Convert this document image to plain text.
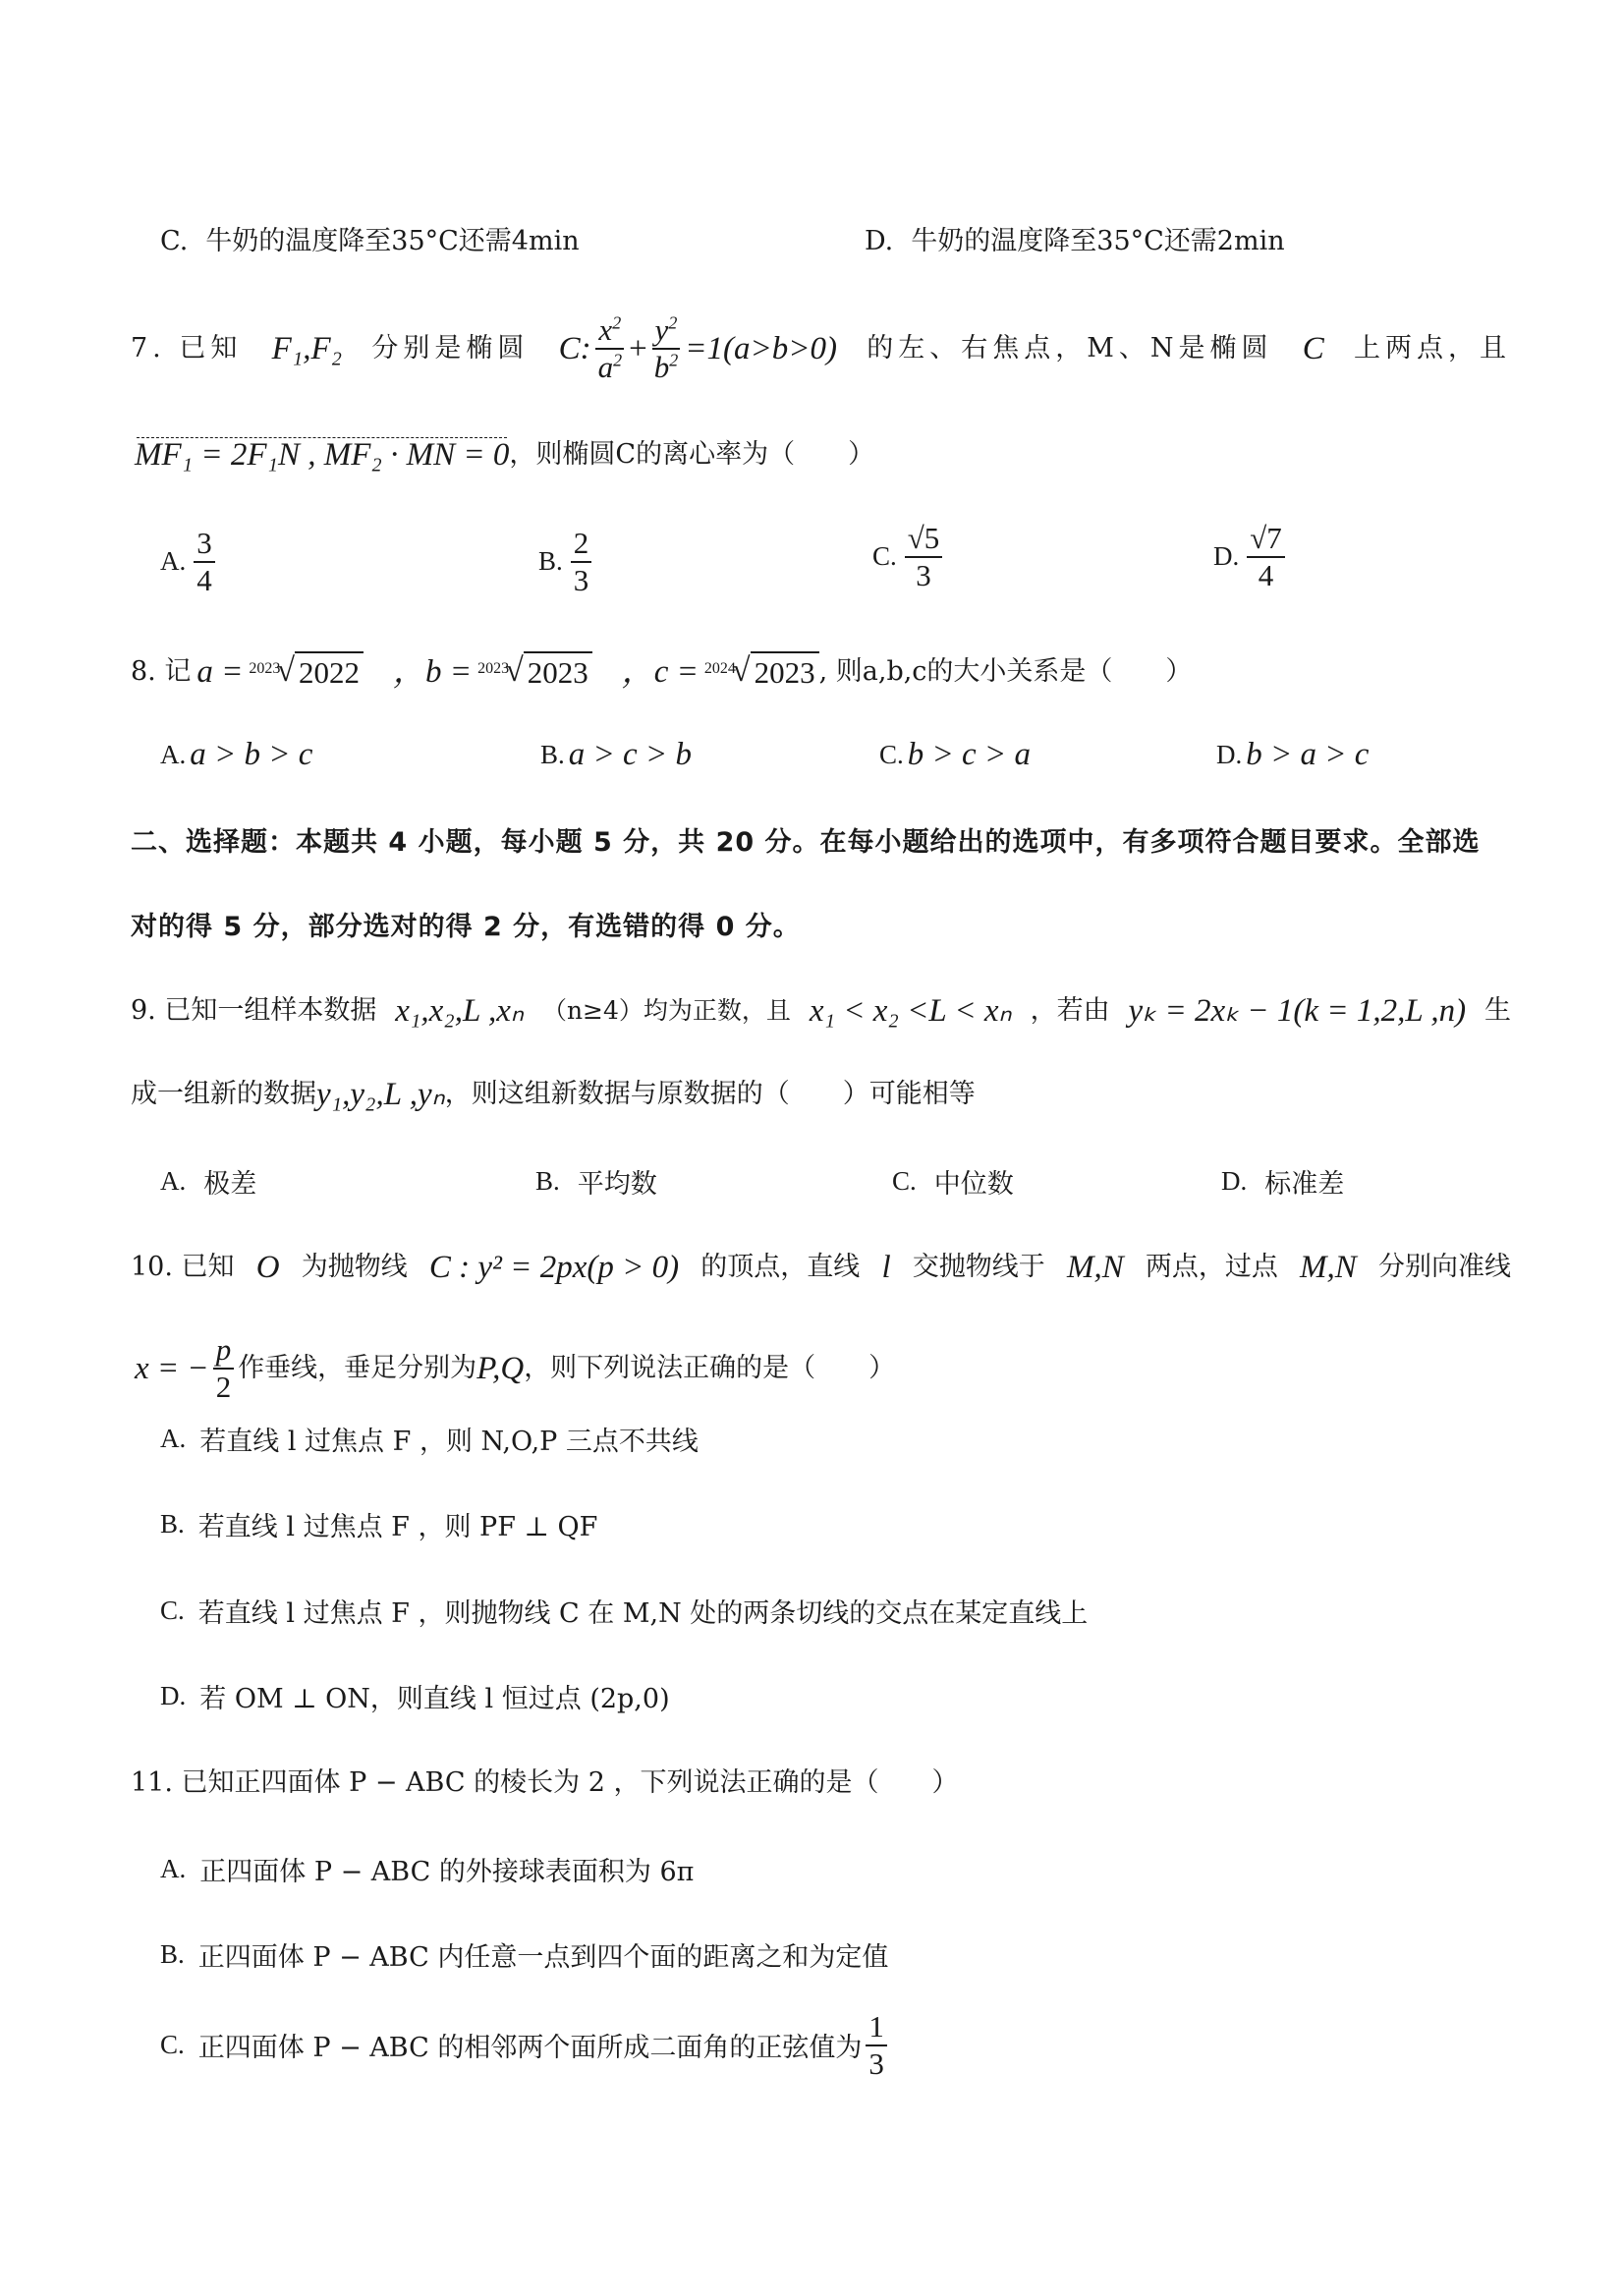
C. 牛奶的温度降至35°C还需4min	D. 牛奶的温度降至35°C还需2min
7. 已知 F₁,F₂ 分别是椭圆 C: $\frac{x^2}{a^2} + \frac{y^2}{b^2} =1(a>b>0)$ 的左、右焦点，M、N是椭圆 C 上两点，且
MF₁ = 2F₁N , MF₂ · MN = 0 ，则椭圆C的离心率为（　　）
A. $\frac{3}{4}$	B. $\frac{2}{3}$	C. $\frac{√5}{3}$	D. $\frac{√7}{4}$
8. 记 a = 2023
√ 2022 ，b = 2023
√ 2023 ，c = 2024
√ 2023 , 则a,b,c的大小关系是（　　）
A. a > b > c	B. a > c > b	C. b > c > a	D. b > a > c
二、选择题：本题共 4 小题，每小题 5 分，共 20 分。在每小题给出的选项中，有多项符合题目要求。全部选
对的得 5 分，部分选对的得 2 分，有选错的得 0 分。
9. 已知一组样本数据 x₁,x₂,L ,xₙ （n≥4）均为正数，且 x₁ < x₂ <L < xₙ ，若由 yₖ = 2xₖ − 1(k = 1,2,L ,n) 生
成一组新的数据 y₁,y₂,L ,yₙ ，则这组新数据与原数据的（　　）可能相等
A. 极差	B. 平均数	C. 中位数	D. 标准差
10. 已知 O 为抛物线 C : y² = 2px(p > 0) 的顶点，直线 l 交抛物线于 M,N 两点，过点 M,N 分别向准线
x = − $\frac{p}{2}$ 作垂线，垂足分别为 P,Q ，则下列说法正确的是（　　）
A. 若直线 l 过焦点 F ，则 N,O,P 三点不共线
B. 若直线 l 过焦点 F ，则 PF ⊥ QF
C. 若直线 l 过焦点 F ，则抛物线 C 在 M,N 处的两条切线的交点在某定直线上
D. 若 OM ⊥ ON，则直线 l 恒过点 (2p,0)
11. 已知正四面体 P − ABC 的棱长为 2 ，下列说法正确的是（　　）
A. 正四面体 P − ABC 的外接球表面积为 6π
B. 正四面体 P − ABC 内任意一点到四个面的距离之和为定值
C. 正四面体 P − ABC 的相邻两个面所成二面角的正弦值为 $\frac{1}{3}$
